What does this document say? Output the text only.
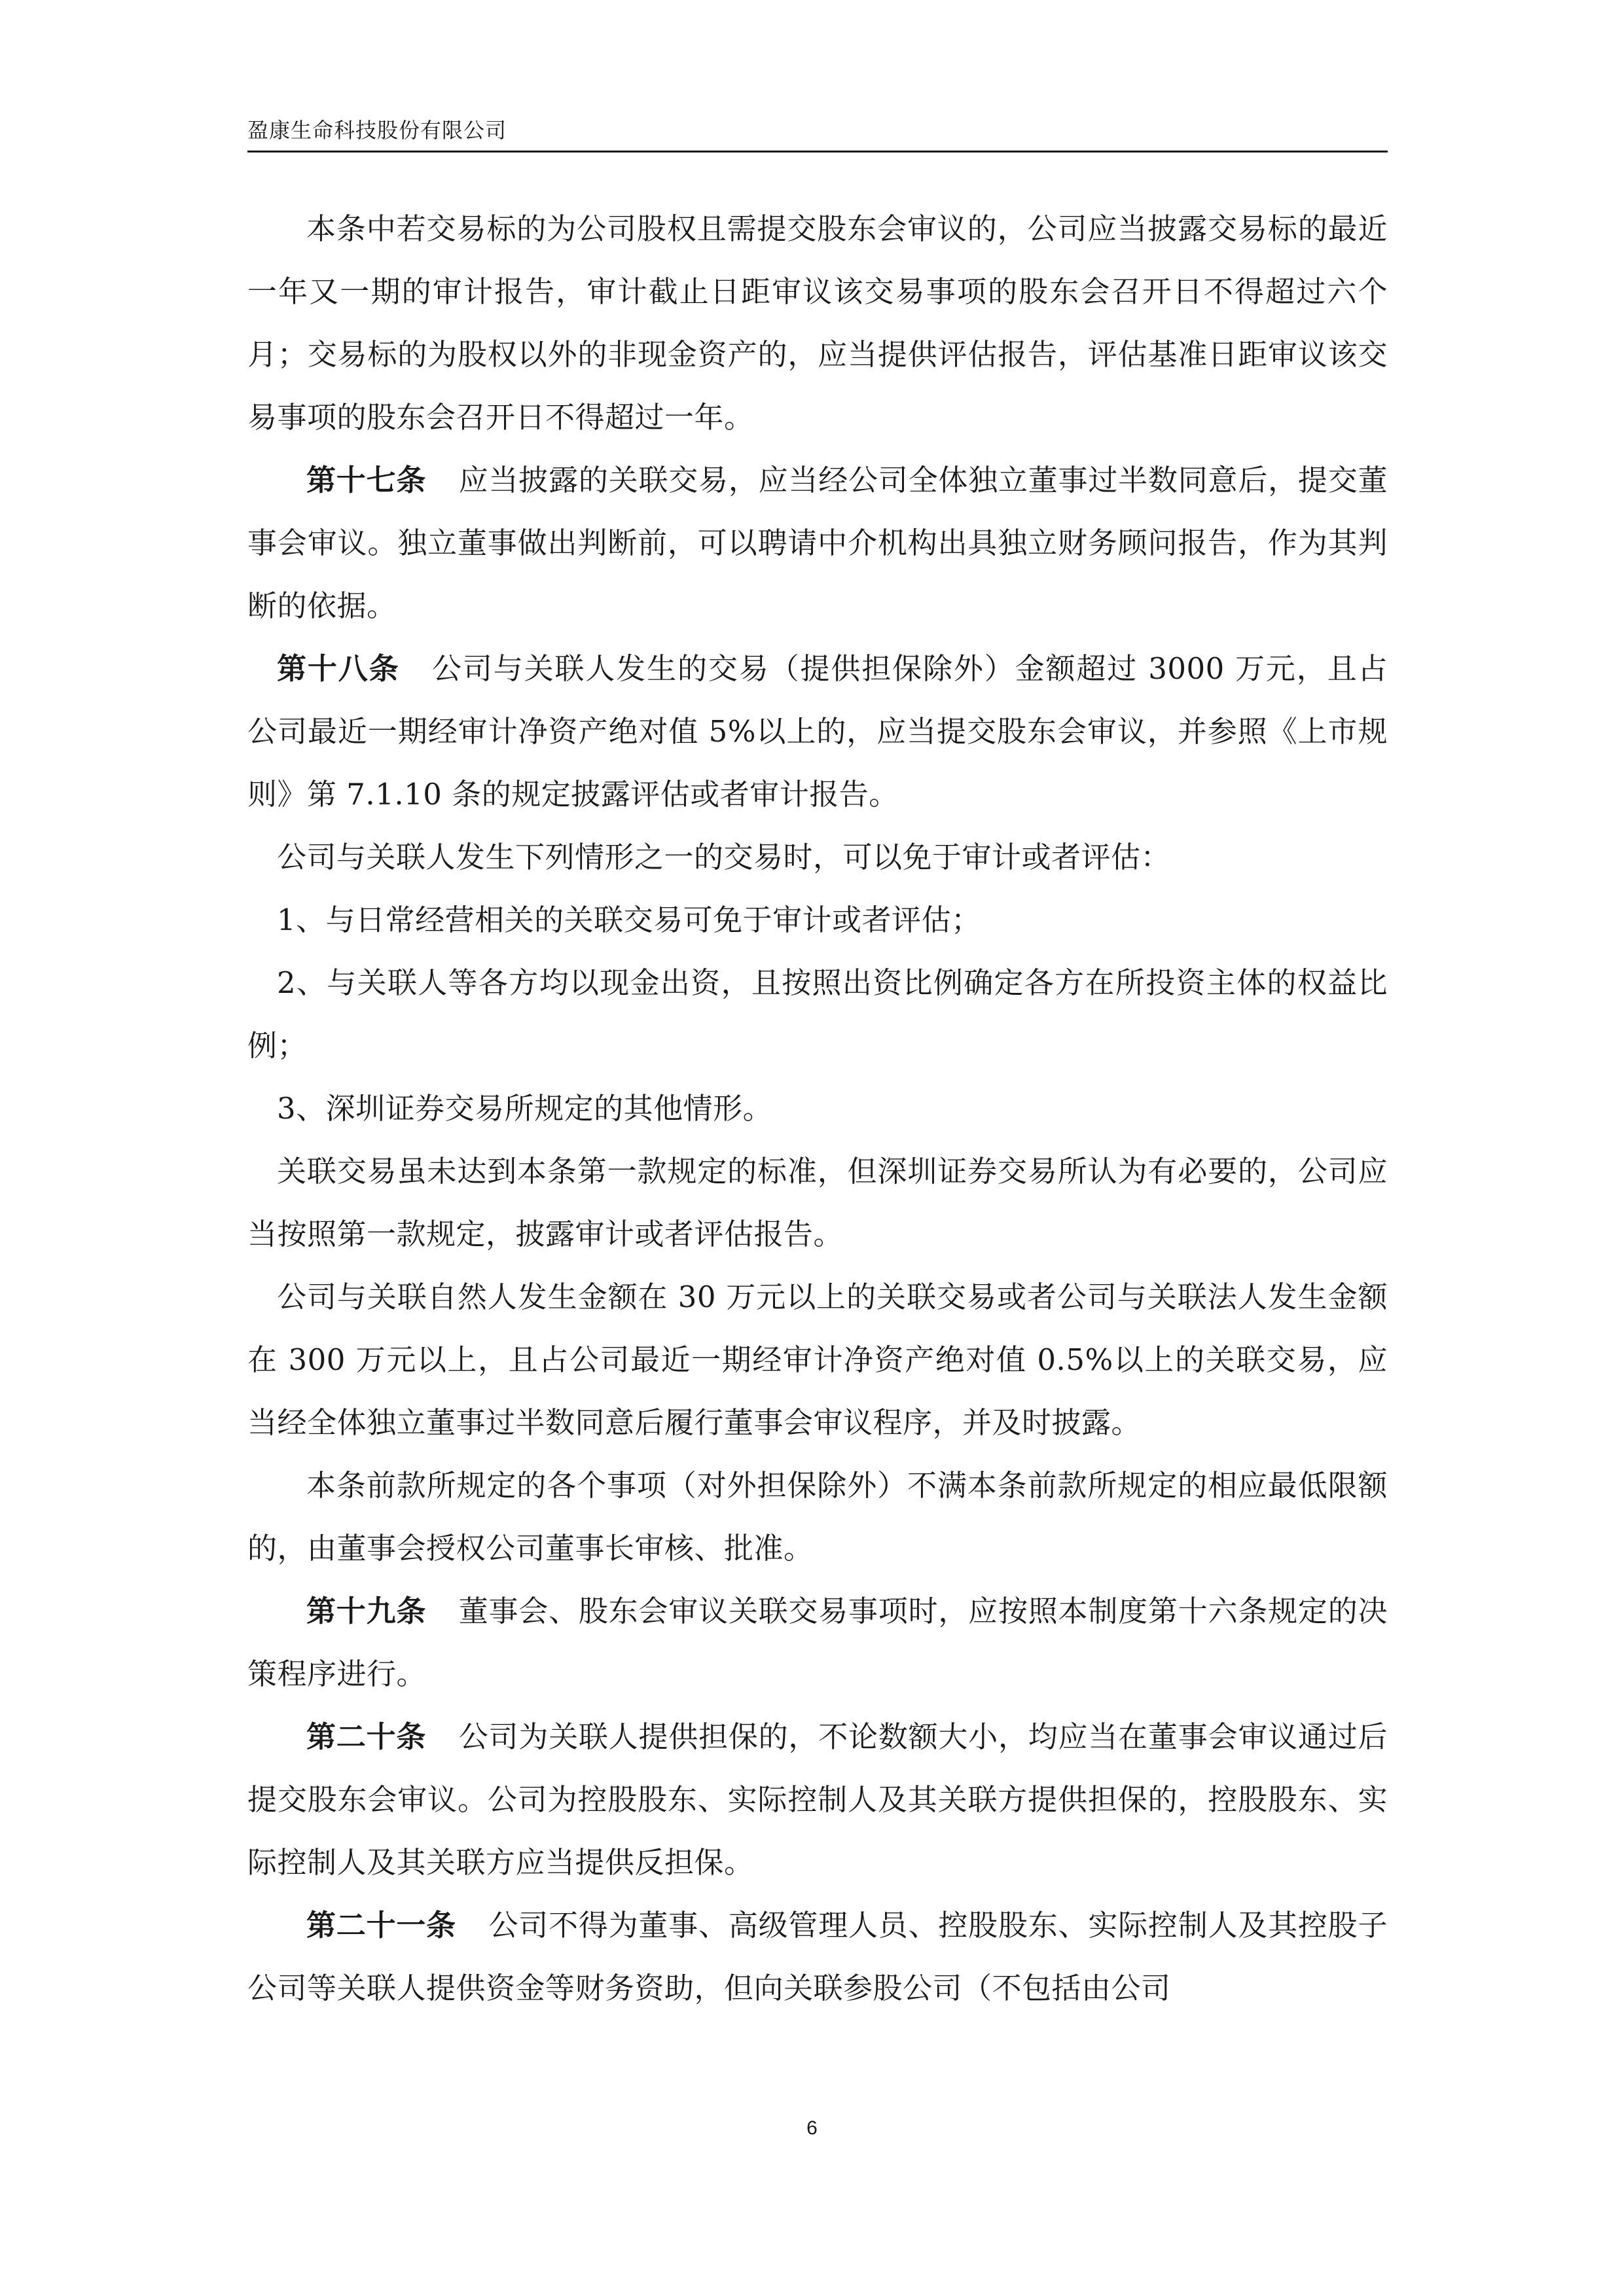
盈康生命科技股份有限公司

本条中若交易标的为公司股权且需提交股东会审议的，公司应当披露交易标的最近一年又一期的审计报告，审计截止日距审议该交易事项的股东会召开日不得超过六个月；交易标的为股权以外的非现金资产的，应当提供评估报告，评估基准日距审议该交易事项的股东会召开日不得超过一年。

第十七条 应当披露的关联交易，应当经公司全体独立董事过半数同意后，提交董事会审议。独立董事做出判断前，可以聘请中介机构出具独立财务顾问报告，作为其判断的依据。

第十八条 公司与关联人发生的交易（提供担保除外）金额超过 3000 万元，且占公司最近一期经审计净资产绝对值 5%以上的，应当提交股东会审议，并参照《上市规则》第 7.1.10 条的规定披露评估或者审计报告。

公司与关联人发生下列情形之一的交易时，可以免于审计或者评估：

1、与日常经营相关的关联交易可免于审计或者评估；

2、与关联人等各方均以现金出资，且按照出资比例确定各方在所投资主体的权益比例；

3、深圳证券交易所规定的其他情形。

关联交易虽未达到本条第一款规定的标准，但深圳证券交易所认为有必要的，公司应当按照第一款规定，披露审计或者评估报告。

公司与关联自然人发生金额在 30 万元以上的关联交易或者公司与关联法人发生金额在 300 万元以上，且占公司最近一期经审计净资产绝对值 0.5%以上的关联交易，应当经全体独立董事过半数同意后履行董事会审议程序，并及时披露。

本条前款所规定的各个事项（对外担保除外）不满本条前款所规定的相应最低限额的，由董事会授权公司董事长审核、批准。

第十九条 董事会、股东会审议关联交易事项时，应按照本制度第十六条规定的决策程序进行。

第二十条 公司为关联人提供担保的，不论数额大小，均应当在董事会审议通过后提交股东会审议。公司为控股股东、实际控制人及其关联方提供担保的，控股股东、实际控制人及其关联方应当提供反担保。

第二十一条 公司不得为董事、高级管理人员、控股股东、实际控制人及其控股子公司等关联人提供资金等财务资助，但向关联参股公司（不包括由公司

6
